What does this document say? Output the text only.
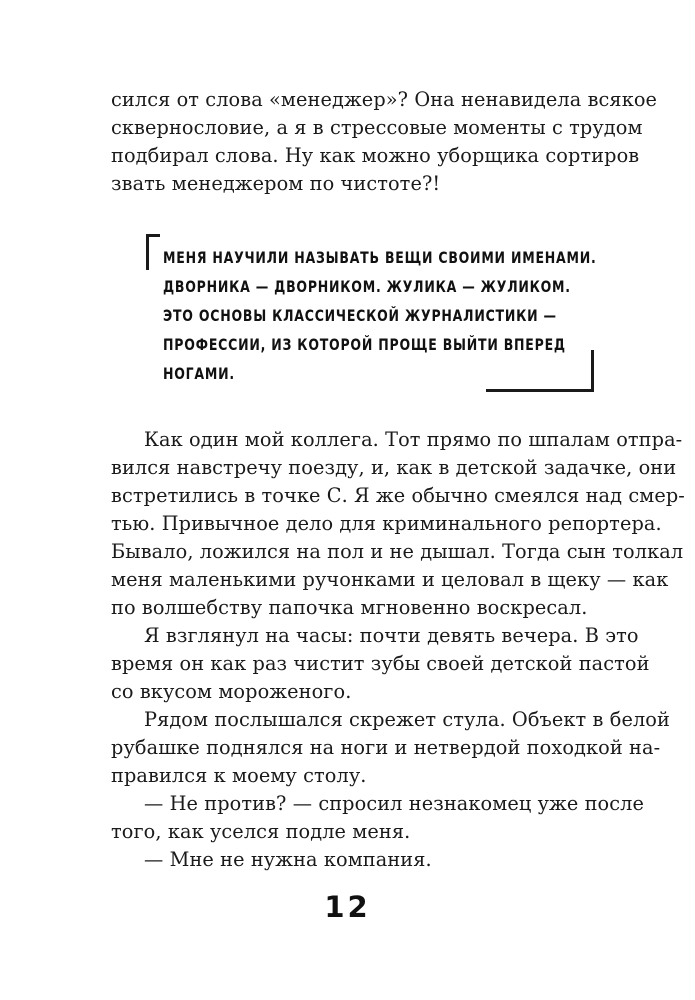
сился от слова «менеджер»? Она ненавидела всякое
сквернословие, а я в стрессовые моменты с трудом
подбирал слова. Ну как можно уборщика сортиров
звать менеджером по чистоте?!
МЕНЯ НАУЧИЛИ НАЗЫВАТЬ ВЕЩИ СВОИМИ ИМЕНАМИ.
ДВОРНИКА — ДВОРНИКОМ. ЖУЛИКА — ЖУЛИКОМ.
ЭТО ОСНОВЫ КЛАССИЧЕСКОЙ ЖУРНАЛИСТИКИ —
ПРОФЕССИИ, ИЗ КОТОРОЙ ПРОЩЕ ВЫЙТИ ВПЕРЕД
НОГАМИ.
Как один мой коллега. Тот прямо по шпалам отпра-
вился навстречу поезду, и, как в детской задачке, они
встретились в точке С. Я же обычно смеялся над смер-
тью. Привычное дело для криминального репортера.
Бывало, ложился на пол и не дышал. Тогда сын толкал
меня маленькими ручонками и целовал в щеку — как
по волшебству папочка мгновенно воскресал.
Я взглянул на часы: почти девять вечера. В это
время он как раз чистит зубы своей детской пастой
со вкусом мороженого.
Рядом послышался скрежет стула. Объект в белой
рубашке поднялся на ноги и нетвердой походкой на-
правился к моему столу.
— Не против? — спросил незнакомец уже после
того, как уселся подле меня.
— Мне не нужна компания.
12
